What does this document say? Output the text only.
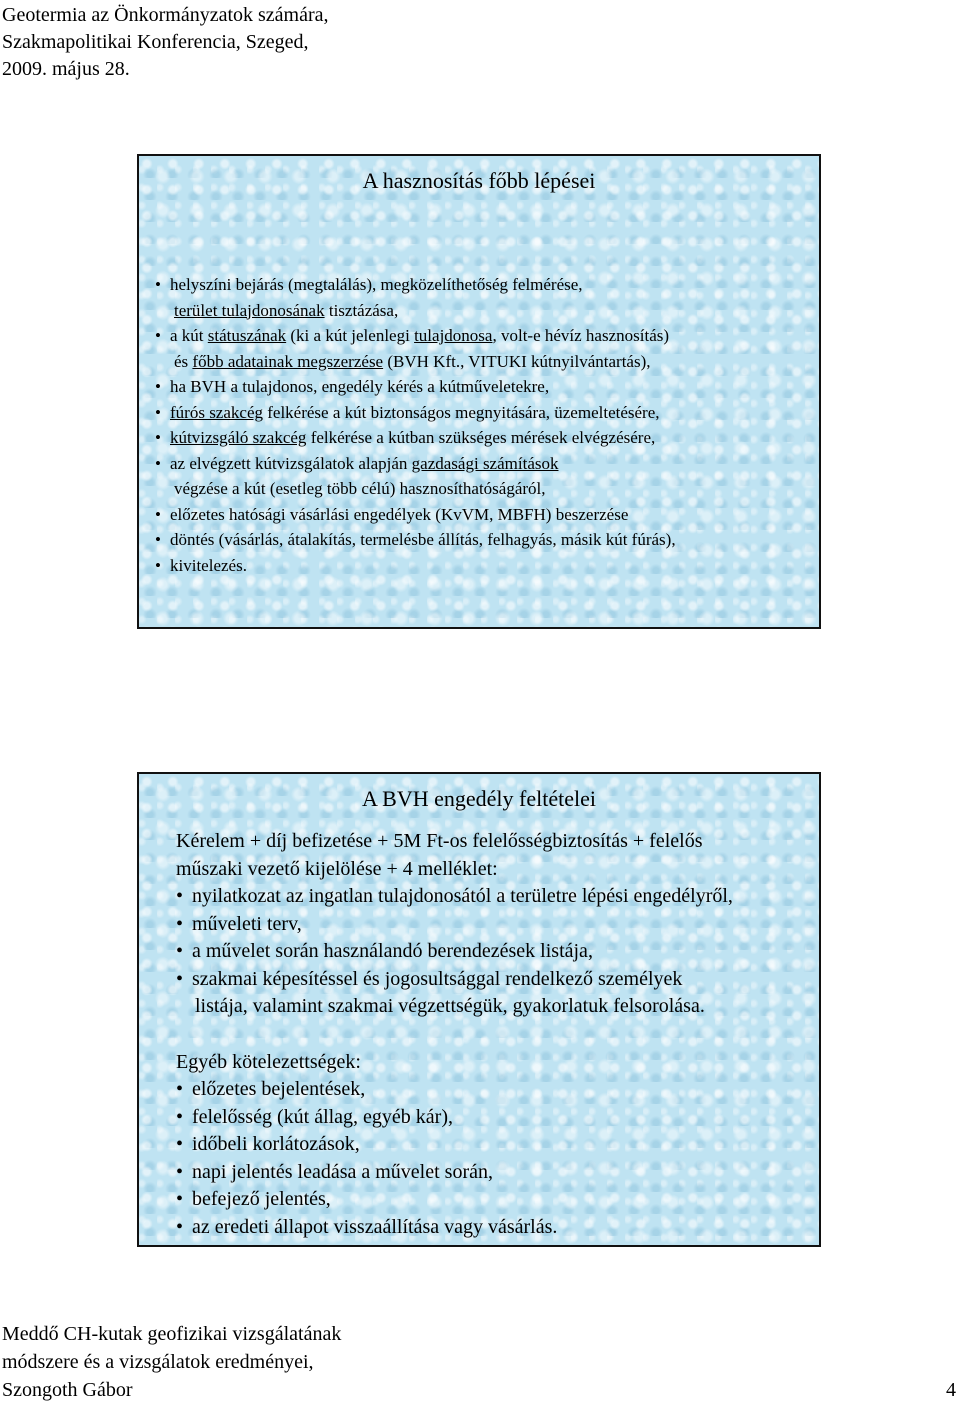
Geotermia az Önkormányzatok számára,
Szakmapolitikai Konferencia, Szeged,
2009. május 28.
A hasznosítás főbb lépései
• helyszíni bejárás (megtalálás), megközelíthetőség felmérése,
terület tulajdonosának tisztázása,
• a kút státuszának (ki a kút jelenlegi tulajdonosa, volt-e hévíz hasznosítás)
és főbb adatainak megszerzése (BVH Kft., VITUKI kútnyilvántartás),
• ha BVH a tulajdonos, engedély kérés a kútműveletekre,
• fúrós szakcég felkérése a kút biztonságos megnyitására, üzemeltetésére,
• kútvizsgáló szakcég felkérése a kútban szükséges mérések elvégzésére,
• az elvégzett kútvizsgálatok alapján gazdasági számítások
végzése a kút (esetleg több célú) hasznosíthatóságáról,
• előzetes hatósági vásárlási engedélyek (KvVM, MBFH) beszerzése
• döntés (vásárlás, átalakítás, termelésbe állítás, felhagyás, másik kút fúrás),
• kivitelezés.
A BVH engedély feltételei
Kérelem + díj befizetése + 5M Ft-os felelősségbiztosítás + felelős
műszaki vezető kijelölése + 4 melléklet:
• nyilatkozat az ingatlan tulajdonosától a területre lépési engedélyről,
• műveleti terv,
• a művelet során használandó berendezések listája,
• szakmai képesítéssel és jogosultsággal rendelkező személyek
listája, valamint szakmai végzettségük, gyakorlatuk felsorolása.
Egyéb kötelezettségek:
• előzetes bejelentések,
• felelősség (kút állag, egyéb kár),
• időbeli korlátozások,
• napi jelentés leadása a művelet során,
• befejező jelentés,
• az eredeti állapot visszaállítása vagy vásárlás.
Meddő CH-kutak geofizikai vizsgálatának
módszere és a vizsgálatok eredményei,
Szongoth Gábor	4
